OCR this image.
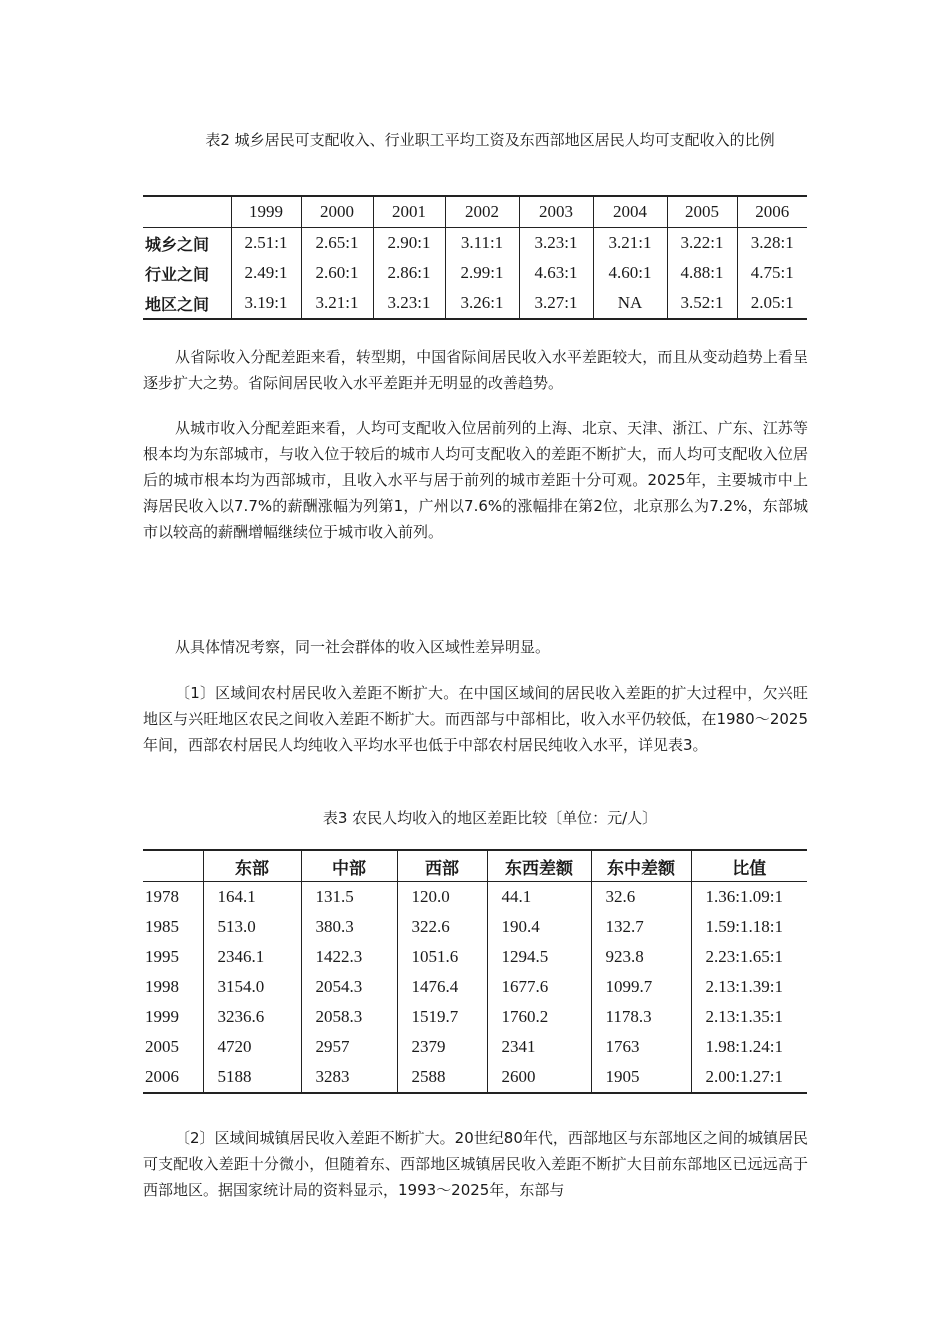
表2 城乡居民可支配收入、行业职工平均工资及东西部地区居民人均可支配收入的比例
	1999	2000	2001	2002	2003	2004	2005	2006
城乡之间	2.51:1	2.65:1	2.90:1	3.11:1	3.23:1	3.21:1	3.22:1	3.28:1
行业之间	2.49:1	2.60:1	2.86:1	2.99:1	4.63:1	4.60:1	4.88:1	4.75:1
地区之间	3.19:1	3.21:1	3.23:1	3.26:1	3.27:1	NA	3.52:1	2.05:1

从省际收入分配差距来看，转型期，中国省际间居民收入水平差距较大，而且从变动趋势上看呈逐步扩大之势。省际间居民收入水平差距并无明显的改善趋势。

从城市收入分配差距来看，人均可支配收入位居前列的上海、北京、天津、浙江、广东、江苏等根本均为东部城市，与收入位于较后的城市人均可支配收入的差距不断扩大，而人均可支配收入位居后的城市根本均为西部城市，且收入水平与居于前列的城市差距十分可观。2025年，主要城市中上海居民收入以7.7%的薪酬涨幅为列第1，广州以7.6%的涨幅排在第2位，北京那么为7.2%，东部城市以较高的薪酬增幅继续位于城市收入前列。

从具体情况考察，同一社会群体的收入区域性差异明显。

〔1〕区域间农村居民收入差距不断扩大。在中国区域间的居民收入差距的扩大过程中，欠兴旺地区与兴旺地区农民之间收入差距不断扩大。而西部与中部相比，收入水平仍较低，在1980～2025年间，西部农村居民人均纯收入平均水平也低于中部农村居民纯收入水平，详见表3。

表3 农民人均收入的地区差距比较〔单位：元/人〕
	东部	中部	西部	东西差额	东中差额	比值
1978	164.1	131.5	120.0	44.1	32.6	1.36:1.09:1
1985	513.0	380.3	322.6	190.4	132.7	1.59:1.18:1
1995	2346.1	1422.3	1051.6	1294.5	923.8	2.23:1.65:1
1998	3154.0	2054.3	1476.4	1677.6	1099.7	2.13:1.39:1
1999	3236.6	2058.3	1519.7	1760.2	1178.3	2.13:1.35:1
2005	4720	2957	2379	2341	1763	1.98:1.24:1
2006	5188	3283	2588	2600	1905	2.00:1.27:1

〔2〕区域间城镇居民收入差距不断扩大。20世纪80年代，西部地区与东部地区之间的城镇居民可支配收入差距十分微小，但随着东、西部地区城镇居民收入差距不断扩大目前东部地区已远远高于西部地区。据国家统计局的资料显示，1993～2025年，东部与
